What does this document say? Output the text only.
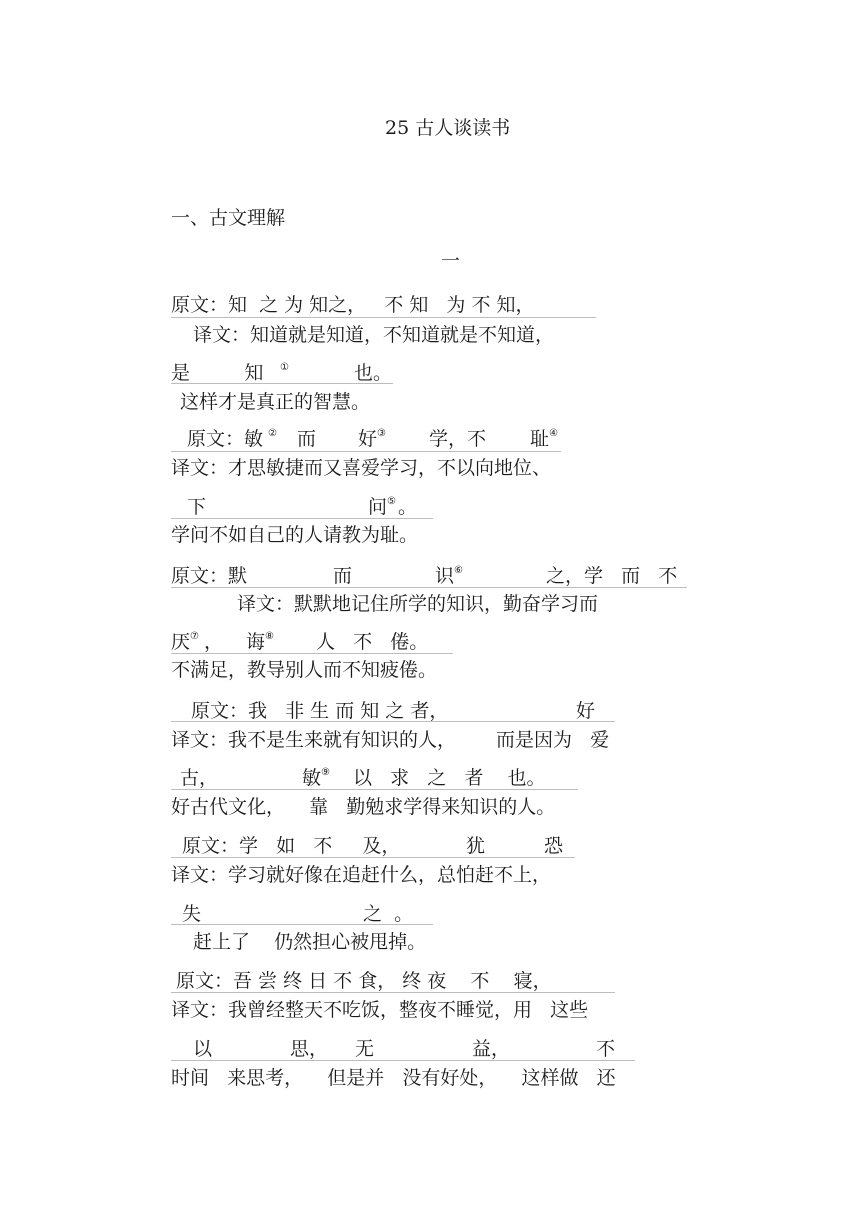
25 古人谈读书
一、古文理解
一
原文：知  之 为 知之，   不 知   为 不 知，
译文：知道就是知道，不知道就是不知道，
是         知 ①	也。
这样才是真正的智慧。
原文：敏 ② 而 好 ③ 学，不 耻 ④
译文：才思敏捷而又喜爱学习，不以向地位、
下	问 ⑤ 。
学问不如自己的人请教为耻。
原文：默	而	识 ⑥	之，学   而   不
译文：默默地记住所学的知识，勤奋学习而
厌 ⑦ ， 诲 ⑧ 人   不   倦。
不满足，教导别人而不知疲倦。
原文：我   非 生 而 知 之 者，	好
译文：我不是生来就有知识的人， 而是因为   爱
古，	敏 ⑨ 以   求   之   者    也。
好古代文化，    靠   勤勉求学得来知识的人。
原文：学   如   不     及，	犹	恐
译文：学习就好像在追赶什么，总怕赶不上，
失	之  。
赶上了    仍然担心被甩掉。
原文：吾 尝 终 日 不 食， 终 夜    不    寝，
译文：我曾经整天不吃饭，整夜不睡觉，用   这些
以	思， 无	益，	不
时间   来思考，    但是并   没有好处，    这样做   还
